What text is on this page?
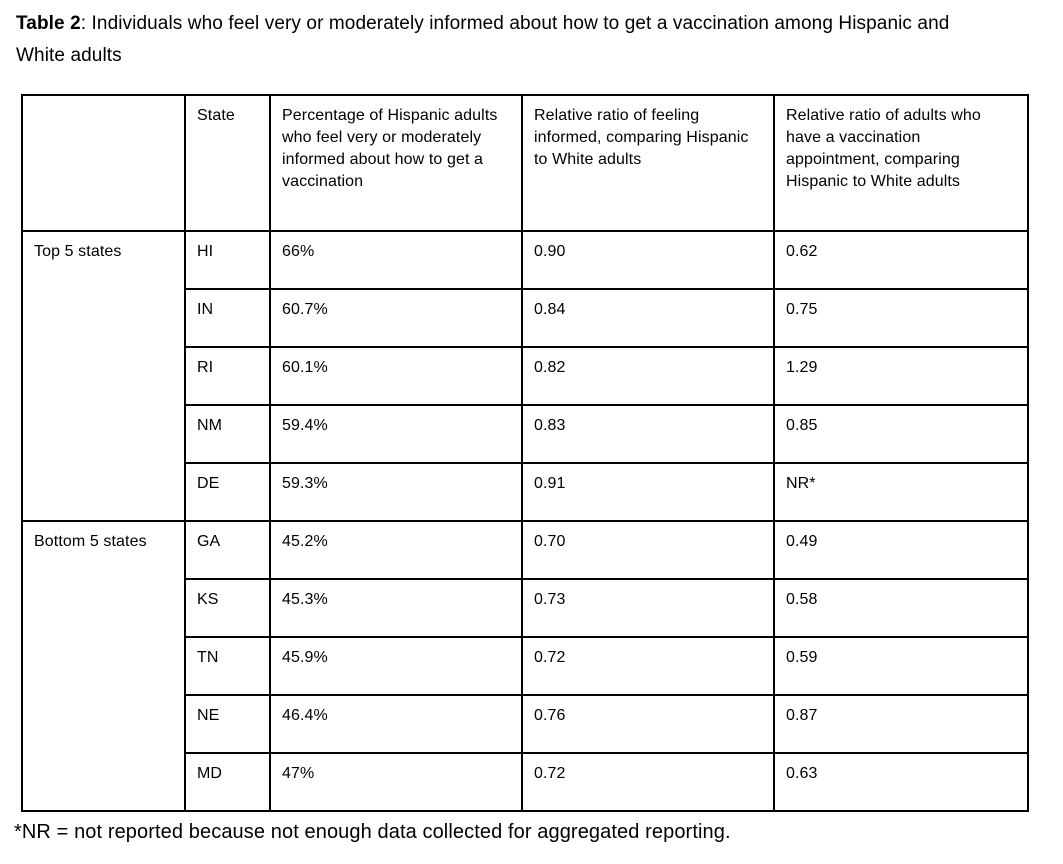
Table 2: Individuals who feel very or moderately informed about how to get a vaccination among Hispanic and White adults
	State	Percentage of Hispanic adults who feel very or moderately informed about how to get a vaccination	Relative ratio of feeling informed, comparing Hispanic to White adults	Relative ratio of adults who have a vaccination appointment, comparing Hispanic to White adults
Top 5 states	HI	66%	0.90	0.62
	IN	60.7%	0.84	0.75
	RI	60.1%	0.82	1.29
	NM	59.4%	0.83	0.85
	DE	59.3%	0.91	NR*
Bottom 5 states	GA	45.2%	0.70	0.49
	KS	45.3%	0.73	0.58
	TN	45.9%	0.72	0.59
	NE	46.4%	0.76	0.87
	MD	47%	0.72	0.63
*NR = not reported because not enough data collected for aggregated reporting.
